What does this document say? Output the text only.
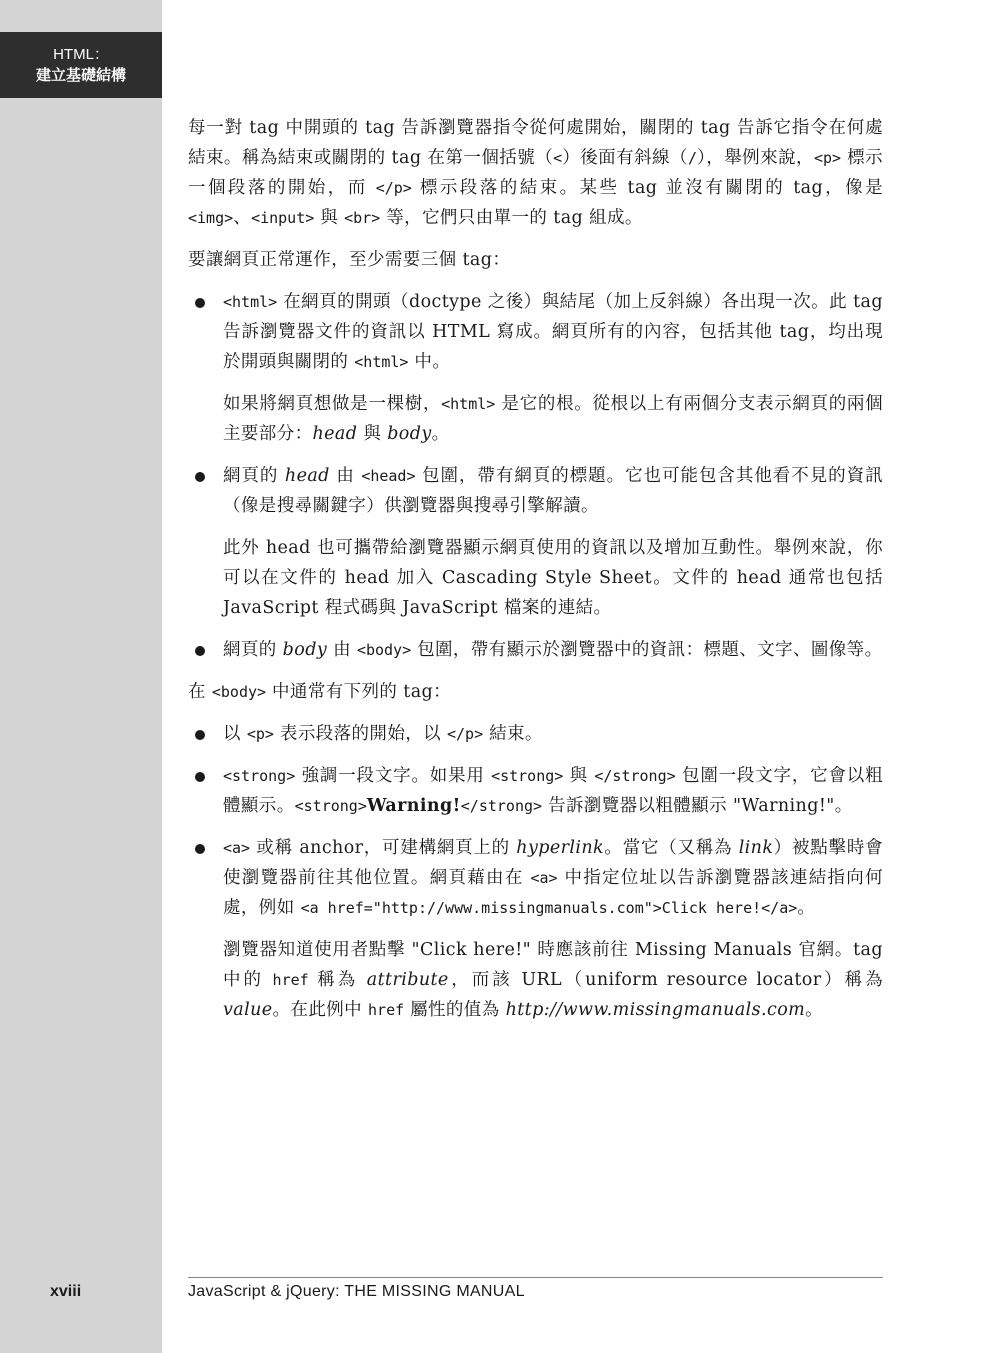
HTML：
建立基礎結構
xviii

每一對 tag 中開頭的 tag 告訴瀏覽器指令從何處開始，關閉的 tag 告訴它指令在何處結束。稱為結束或關閉的 tag 在第一個括號（<）後面有斜線（/），舉例來說，<p> 標示一個段落的開始，而 </p> 標示段落的結束。某些 tag 並沒有關閉的 tag，像是 <img>、<input> 與 <br> 等，它們只由單一的 tag 組成。

要讓網頁正常運作，至少需要三個 tag：

<html> 在網頁的開頭（doctype 之後）與結尾（加上反斜線）各出現一次。此 tag 告訴瀏覽器文件的資訊以 HTML 寫成。網頁所有的內容，包括其他 tag，均出現於開頭與關閉的 <html> 中。
如果將網頁想做是一棵樹，<html> 是它的根。從根以上有兩個分支表示網頁的兩個主要部分：head 與 body。
網頁的 head 由 <head> 包圍，帶有網頁的標題。它也可能包含其他看不見的資訊（像是搜尋關鍵字）供瀏覽器與搜尋引擎解讀。
此外 head 也可攜帶給瀏覽器顯示網頁使用的資訊以及增加互動性。舉例來說，你可以在文件的 head 加入 Cascading Style Sheet。文件的 head 通常也包括 JavaScript 程式碼與 JavaScript 檔案的連結。
網頁的 body 由 <body> 包圍，帶有顯示於瀏覽器中的資訊：標題、文字、圖像等。

在 <body> 中通常有下列的 tag：

以 <p> 表示段落的開始，以 </p> 結束。
<strong> 強調一段文字。如果用 <strong> 與 </strong> 包圍一段文字，它會以粗體顯示。<strong>Warning!</strong> 告訴瀏覽器以粗體顯示 "Warning!"。
<a> 或稱 anchor，可建構網頁上的 hyperlink。當它（又稱為 link）被點擊時會使瀏覽器前往其他位置。網頁藉由在 <a> 中指定位址以告訴瀏覽器該連結指向何處，例如 <a href="http://www.missingmanuals.com">Click here!</a>。
瀏覽器知道使用者點擊 "Click here!" 時應該前往 Missing Manuals 官網。tag 中的 href 稱為 attribute，而該 URL（uniform resource locator）稱為 value。在此例中 href 屬性的值為 http://www.missingmanuals.com。
JavaScript & jQuery: THE MISSING MANUAL
